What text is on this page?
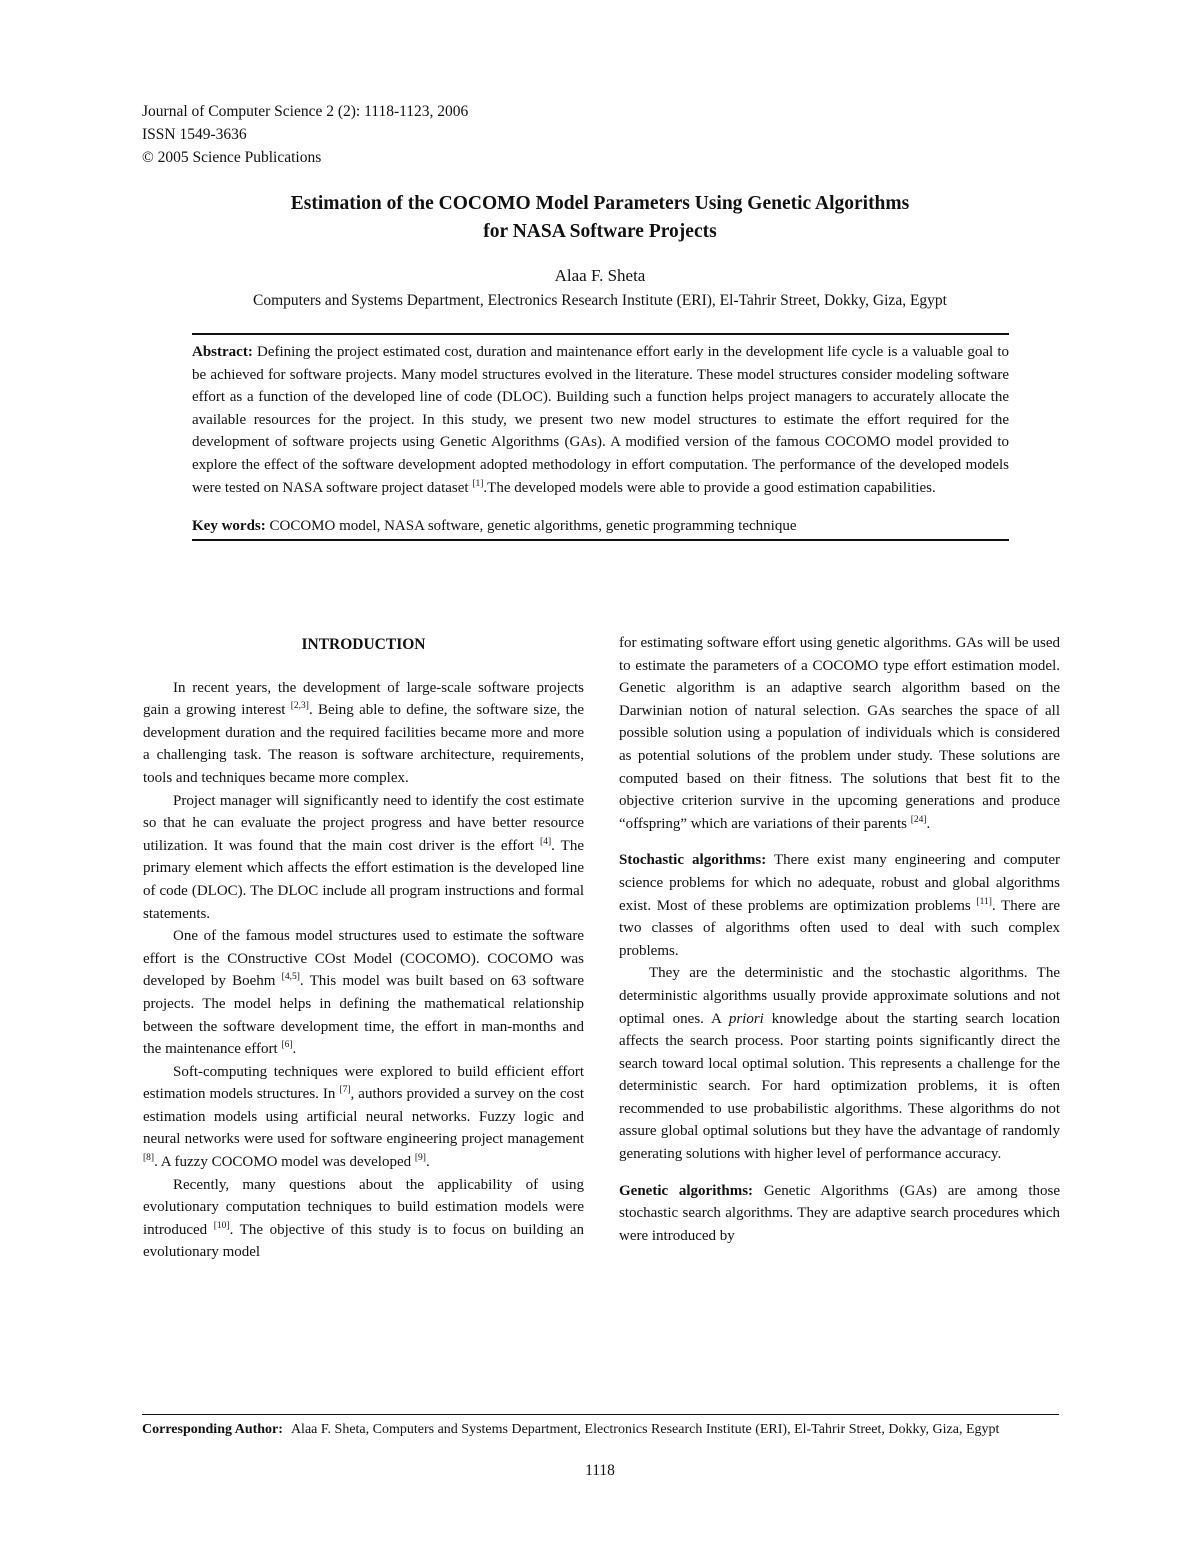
Journal of Computer Science 2 (2): 1118-1123, 2006
ISSN 1549-3636
© 2005 Science Publications
Estimation of the COCOMO Model Parameters Using Genetic Algorithms
for NASA Software Projects
Alaa F. Sheta
Computers and Systems Department, Electronics Research Institute (ERI), El-Tahrir Street, Dokky, Giza, Egypt
Abstract: Defining the project estimated cost, duration and maintenance effort early in the development life cycle is a valuable goal to be achieved for software projects. Many model structures evolved in the literature. These model structures consider modeling software effort as a function of the developed line of code (DLOC). Building such a function helps project managers to accurately allocate the available resources for the project. In this study, we present two new model structures to estimate the effort required for the development of software projects using Genetic Algorithms (GAs). A modified version of the famous COCOMO model provided to explore the effect of the software development adopted methodology in effort computation. The performance of the developed models were tested on NASA software project dataset [1].The developed models were able to provide a good estimation capabilities.
Key words: COCOMO model, NASA software, genetic algorithms, genetic programming technique
INTRODUCTION

In recent years, the development of large-scale software projects gain a growing interest [2,3]. Being able to define, the software size, the development duration and the required facilities became more and more a challenging task. The reason is software architecture, requirements, tools and techniques became more complex.

Project manager will significantly need to identify the cost estimate so that he can evaluate the project progress and have better resource utilization. It was found that the main cost driver is the effort [4]. The primary element which affects the effort estimation is the developed line of code (DLOC). The DLOC include all program instructions and formal statements.

One of the famous model structures used to estimate the software effort is the COnstructive COst Model (COCOMO). COCOMO was developed by Boehm [4,5]. This model was built based on 63 software projects. The model helps in defining the mathematical relationship between the software development time, the effort in man-months and the maintenance effort [6].

Soft-computing techniques were explored to build efficient effort estimation models structures. In [7], authors provided a survey on the cost estimation models using artificial neural networks. Fuzzy logic and neural networks were used for software engineering project management [8]. A fuzzy COCOMO model was developed [9].

Recently, many questions about the applicability of using evolutionary computation techniques to build estimation models were introduced [10]. The objective of this study is to focus on building an evolutionary model

for estimating software effort using genetic algorithms. GAs will be used to estimate the parameters of a COCOMO type effort estimation model. Genetic algorithm is an adaptive search algorithm based on the Darwinian notion of natural selection. GAs searches the space of all possible solution using a population of individuals which is considered as potential solutions of the problem under study. These solutions are computed based on their fitness. The solutions that best fit to the objective criterion survive in the upcoming generations and produce “offspring” which are variations of their parents [24].

Stochastic algorithms: There exist many engineering and computer science problems for which no adequate, robust and global algorithms exist. Most of these problems are optimization problems [11]. There are two classes of algorithms often used to deal with such complex problems.

They are the deterministic and the stochastic algorithms. The deterministic algorithms usually provide approximate solutions and not optimal ones. A priori knowledge about the starting search location affects the search process. Poor starting points significantly direct the search toward local optimal solution. This represents a challenge for the deterministic search. For hard optimization problems, it is often recommended to use probabilistic algorithms. These algorithms do not assure global optimal solutions but they have the advantage of randomly generating solutions with higher level of performance accuracy.

Genetic algorithms: Genetic Algorithms (GAs) are among those stochastic search algorithms. They are adaptive search procedures which were introduced by

Corresponding Author: Alaa F. Sheta, Computers and Systems Department, Electronics Research Institute (ERI), El-Tahrir Street, Dokky, Giza, Egypt
1118
